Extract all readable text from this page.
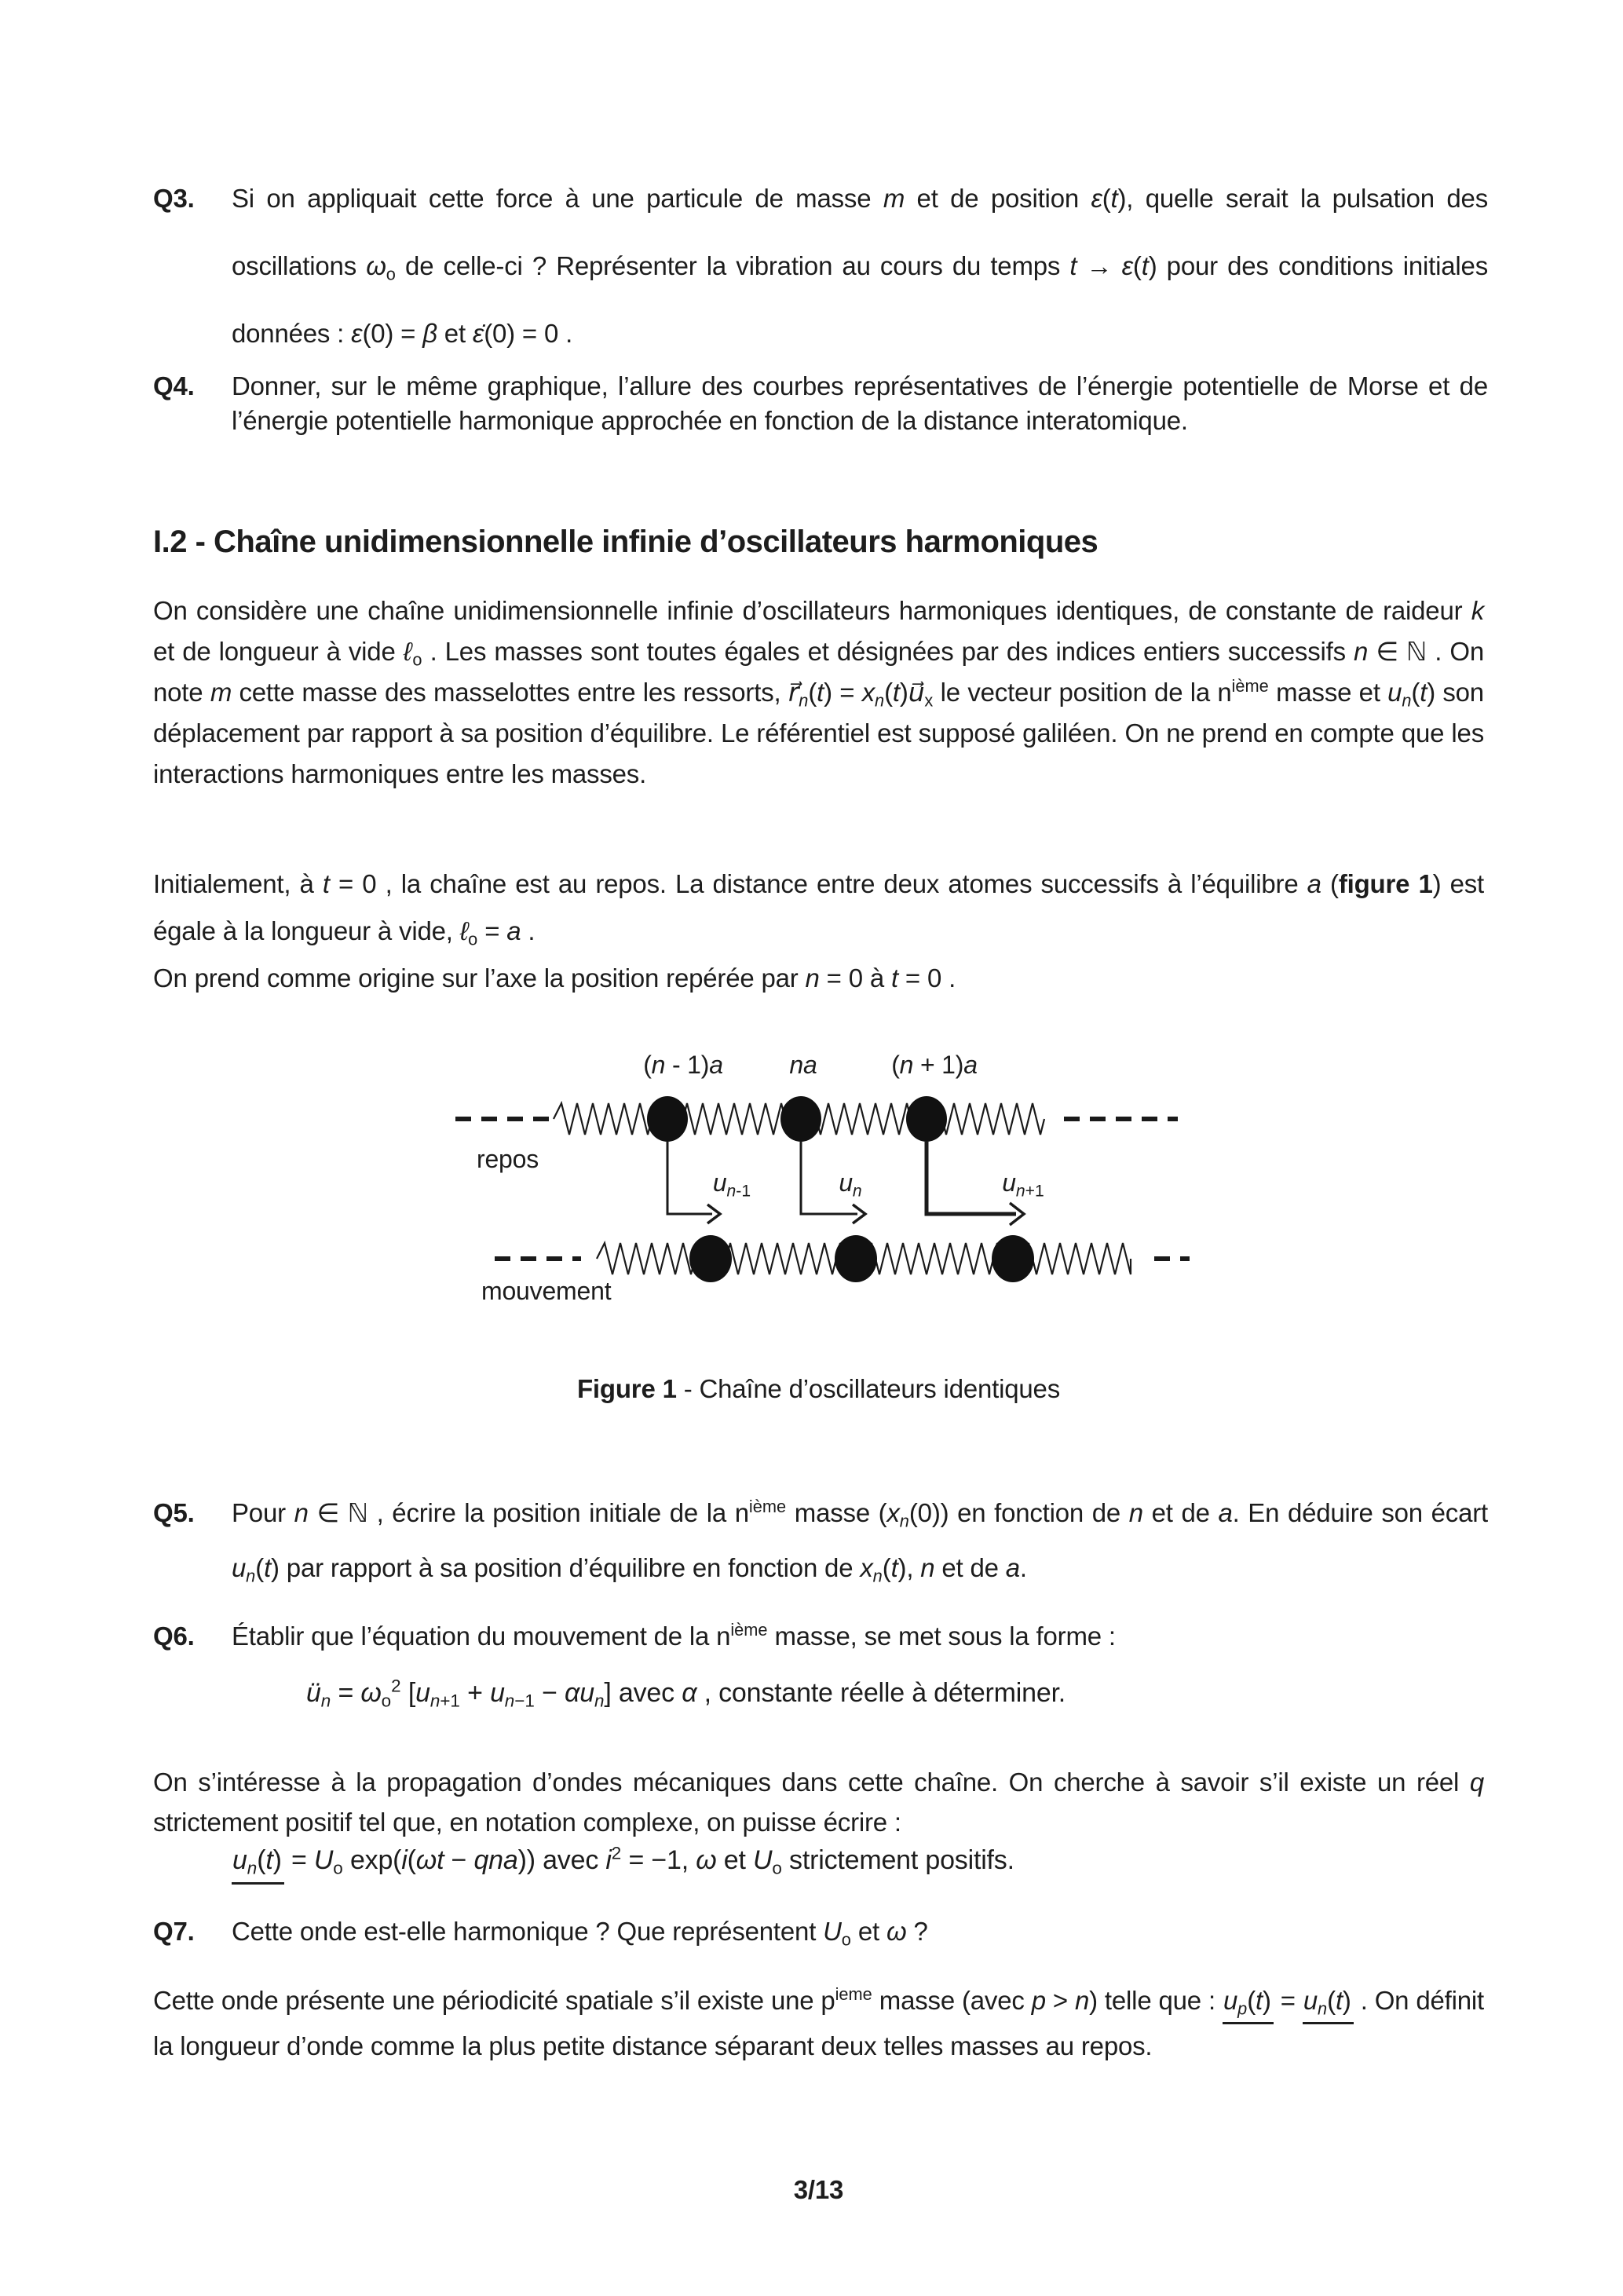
Q3.	Si on appliquait cette force à une particule de masse m et de position ε(t), quelle serait la pulsation des oscillations $\omega_o$ de celle-ci ? Représenter la vibration au cours du temps t → ε(t) pour des conditions initiales données : ε(0) = β et ε̇(0) = 0 .
Q4.	Donner, sur le même graphique, l’allure des courbes représentatives de l’énergie potentielle de Morse et de l’énergie potentielle harmonique approchée en fonction de la distance interatomique.
I.2 - Chaîne unidimensionnelle infinie d’oscillateurs harmoniques
On considère une chaîne unidimensionnelle infinie d’oscillateurs harmoniques identiques, de constante de raideur k et de longueur à vide ℓ$_o$ . Les masses sont toutes égales et désignées par des indices entiers successifs n ∈ ℕ . On note m cette masse des masselottes entre les ressorts, $r⃗_n(t)$ = $x_n(t)u⃗_x$ le vecteur position de la $n^{ième}$ masse et $u_n(t)$ son déplacement par rapport à sa position d’équilibre. Le référentiel est supposé galiléen. On ne prend en compte que les interactions harmoniques entre les masses.
Initialement, à t = 0 , la chaîne est au repos. La distance entre deux atomes successifs à l’équilibre a (figure 1) est égale à la longueur à vide, ℓ$_o$ = a .
On prend comme origine sur l’axe la position repérée par n = 0 à t = 0 .
(n - 1)a	na	(n + 1)a
repos
$u_{n-1}$	$u_n$	$u_{n+1}$
mouvement
Figure 1 - Chaîne d’oscillateurs identiques
Q5.	Pour n ∈ ℕ , écrire la position initiale de la $n^{ième}$ masse $(x_n(0))$ en fonction de n et de a. En déduire son écart $u_n(t)$ par rapport à sa position d’équilibre en fonction de $x_n(t)$, n et de a.
Q6.	Établir que l’équation du mouvement de la $n^{ième}$ masse, se met sous la forme :
$ü_n = \omega_o^2$ $[u_{n+1} + u_{n-1} - \alpha u_n]$ avec α , constante réelle à déterminer.
On s’intéresse à la propagation d’ondes mécaniques dans cette chaîne. On cherche à savoir s’il existe un réel q strictement positif tel que, en notation complexe, on puisse écrire :
$u_n(t) = U_o$ exp(i(ωt − qna)) avec $i^2 = -1$, ω et $U_o$ strictement positifs.
Q7.	Cette onde est-elle harmonique ? Que représentent $U_o$ et ω ?
Cette onde présente une périodicité spatiale s’il existe une $p^{ieme}$ masse (avec p > n) telle que : $u_p(t) = u_n(t)$ . On définit la longueur d’onde comme la plus petite distance séparant deux telles masses au repos.
3/13
